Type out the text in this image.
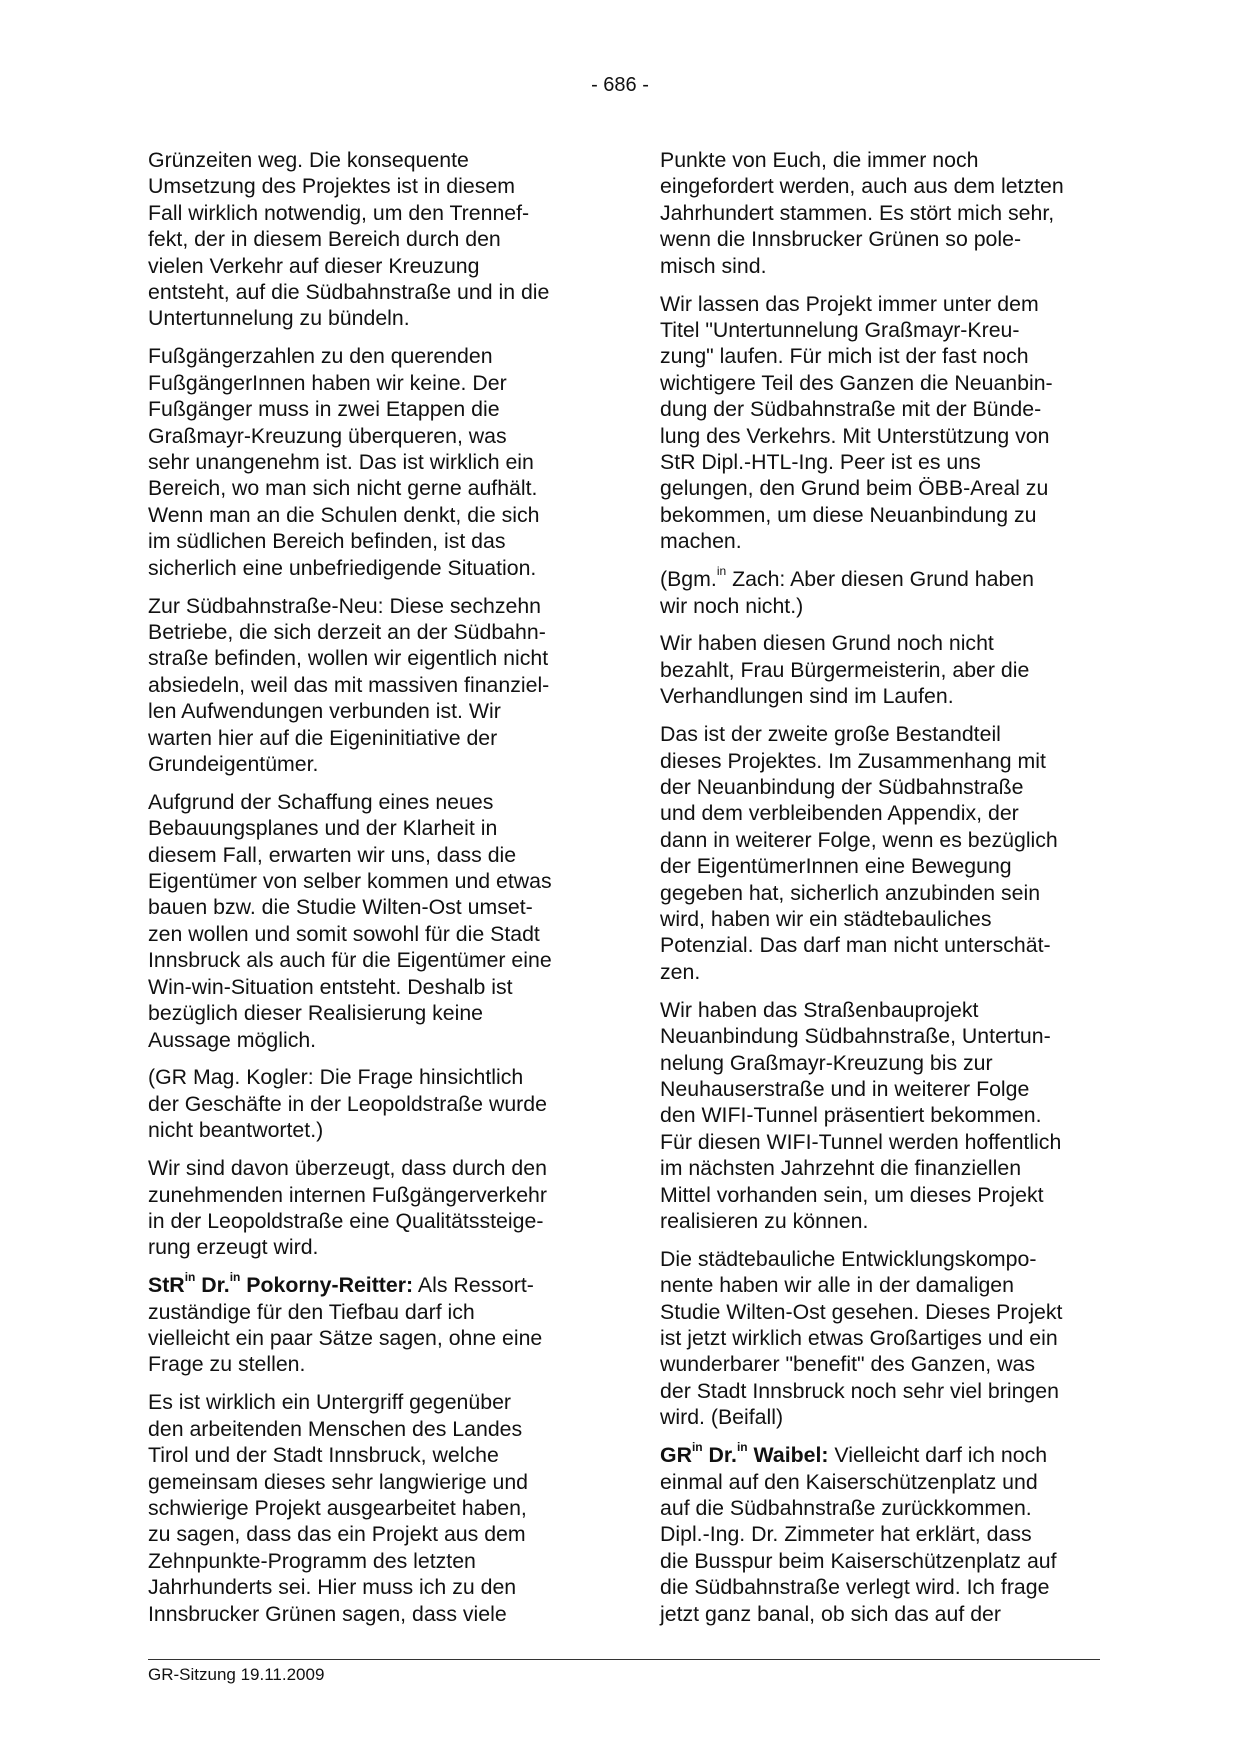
- 686 -

Grünzeiten weg. Die konsequente
Umsetzung des Projektes ist in diesem
Fall wirklich notwendig, um den Trennef-
fekt, der in diesem Bereich durch den
vielen Verkehr auf dieser Kreuzung
entsteht, auf die Südbahnstraße und in die
Untertunnelung zu bündeln.

Fußgängerzahlen zu den querenden
FußgängerInnen haben wir keine. Der
Fußgänger muss in zwei Etappen die
Graßmayr-Kreuzung überqueren, was
sehr unangenehm ist. Das ist wirklich ein
Bereich, wo man sich nicht gerne aufhält.
Wenn man an die Schulen denkt, die sich
im südlichen Bereich befinden, ist das
sicherlich eine unbefriedigende Situation.

Zur Südbahnstraße-Neu: Diese sechzehn
Betriebe, die sich derzeit an der Südbahn-
straße befinden, wollen wir eigentlich nicht
absiedeln, weil das mit massiven finanziel-
len Aufwendungen verbunden ist. Wir
warten hier auf die Eigeninitiative der
Grundeigentümer.

Aufgrund der Schaffung eines neues
Bebauungsplanes und der Klarheit in
diesem Fall, erwarten wir uns, dass die
Eigentümer von selber kommen und etwas
bauen bzw. die Studie Wilten-Ost umset-
zen wollen und somit sowohl für die Stadt
Innsbruck als auch für die Eigentümer eine
Win-win-Situation entsteht. Deshalb ist
bezüglich dieser Realisierung keine
Aussage möglich.

(GR Mag. Kogler: Die Frage hinsichtlich
der Geschäfte in der Leopoldstraße wurde
nicht beantwortet.)

Wir sind davon überzeugt, dass durch den
zunehmenden internen Fußgängerverkehr
in der Leopoldstraße eine Qualitätssteige-
rung erzeugt wird.

StR$^{in}$ Dr.$^{in}$ Pokorny-Reitter: Als Ressort-
zuständige für den Tiefbau darf ich
vielleicht ein paar Sätze sagen, ohne eine
Frage zu stellen.

Es ist wirklich ein Untergriff gegenüber
den arbeitenden Menschen des Landes
Tirol und der Stadt Innsbruck, welche
gemeinsam dieses sehr langwierige und
schwierige Projekt ausgearbeitet haben,
zu sagen, dass das ein Projekt aus dem
Zehnpunkte-Programm des letzten
Jahrhunderts sei. Hier muss ich zu den
Innsbrucker Grünen sagen, dass viele

Punkte von Euch, die immer noch
eingefordert werden, auch aus dem letzten
Jahrhundert stammen. Es stört mich sehr,
wenn die Innsbrucker Grünen so pole-
misch sind.

Wir lassen das Projekt immer unter dem
Titel "Untertunnelung Graßmayr-Kreu-
zung" laufen. Für mich ist der fast noch
wichtigere Teil des Ganzen die Neuanbin-
dung der Südbahnstraße mit der Bünde-
lung des Verkehrs. Mit Unterstützung von
StR Dipl.-HTL-Ing. Peer ist es uns
gelungen, den Grund beim ÖBB-Areal zu
bekommen, um diese Neuanbindung zu
machen.

(Bgm.$^{in}$ Zach: Aber diesen Grund haben
wir noch nicht.)

Wir haben diesen Grund noch nicht
bezahlt, Frau Bürgermeisterin, aber die
Verhandlungen sind im Laufen.

Das ist der zweite große Bestandteil
dieses Projektes. Im Zusammenhang mit
der Neuanbindung der Südbahnstraße
und dem verbleibenden Appendix, der
dann in weiterer Folge, wenn es bezüglich
der EigentümerInnen eine Bewegung
gegeben hat, sicherlich anzubinden sein
wird, haben wir ein städtebauliches
Potenzial. Das darf man nicht unterschät-
zen.

Wir haben das Straßenbauprojekt
Neuanbindung Südbahnstraße, Untertun-
nelung Graßmayr-Kreuzung bis zur
Neuhauserstraße und in weiterer Folge
den WIFI-Tunnel präsentiert bekommen.
Für diesen WIFI-Tunnel werden hoffentlich
im nächsten Jahrzehnt die finanziellen
Mittel vorhanden sein, um dieses Projekt
realisieren zu können.

Die städtebauliche Entwicklungskompo-
nente haben wir alle in der damaligen
Studie Wilten-Ost gesehen. Dieses Projekt
ist jetzt wirklich etwas Großartiges und ein
wunderbarer "benefit" des Ganzen, was
der Stadt Innsbruck noch sehr viel bringen
wird. (Beifall)

$GR^{in}$ Dr.$^{in}$ Waibel: Vielleicht darf ich noch
einmal auf den Kaiserschützenplatz und
auf die Südbahnstraße zurückkommen.
Dipl.-Ing. Dr. Zimmeter hat erklärt, dass
die Busspur beim Kaiserschützenplatz auf
die Südbahnstraße verlegt wird. Ich frage
jetzt ganz banal, ob sich das auf der

GR-Sitzung 19.11.2009
